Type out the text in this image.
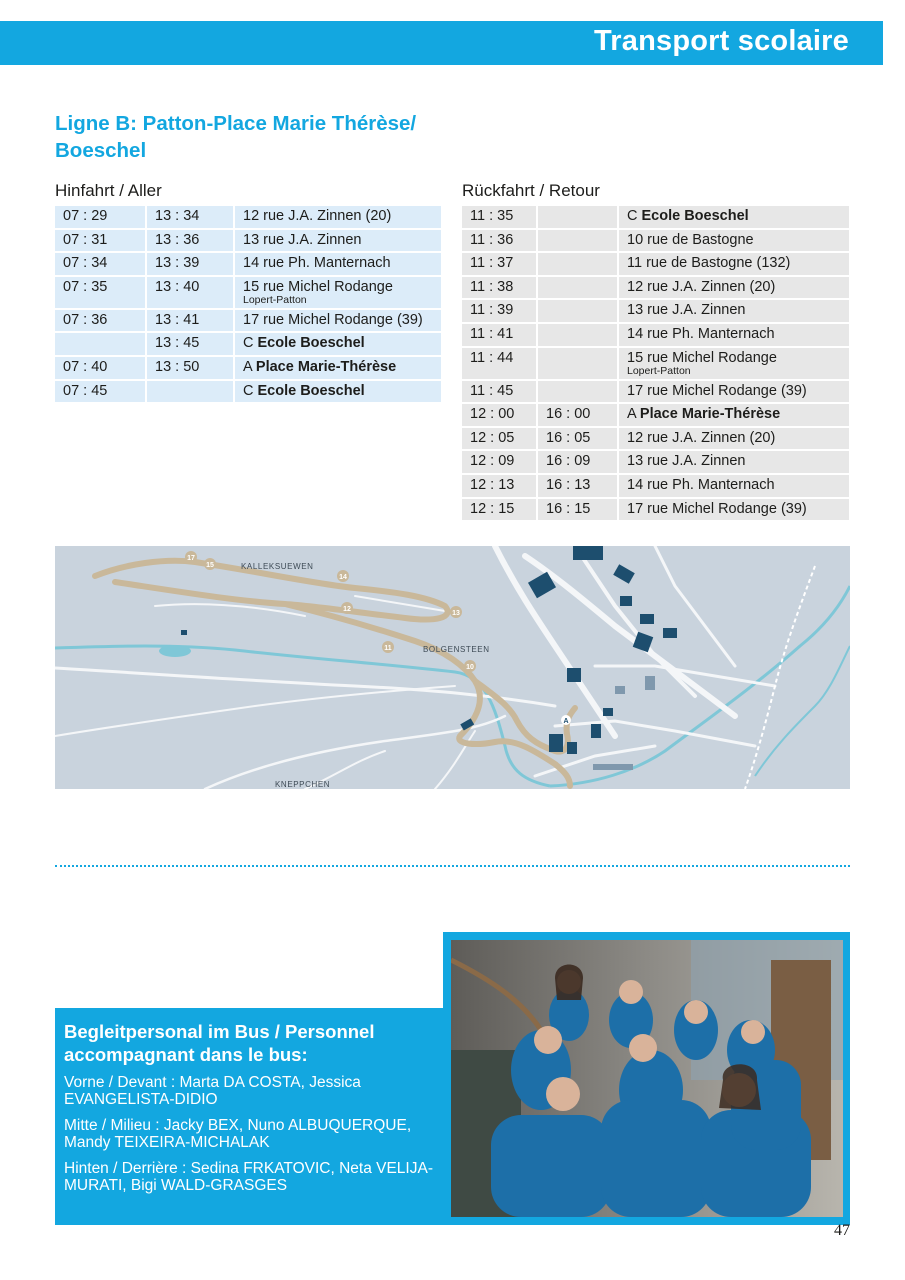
Transport scolaire
Ligne B: Patton-Place Marie Thérèse/ Boeschel
Hinfahrt / Aller	Rückfahrt / Retour
07 : 29	13 : 34	12 rue J.A. Zinnen (20)
07 : 31	13 : 36	13 rue J.A. Zinnen
07 : 34	13 : 39	14 rue Ph. Manternach
07 : 35	13 : 40	15 rue Michel Rodange
Lopert-Patton

07 : 36	13 : 41	17 rue Michel Rodange (39)
	13 : 45	C Ecole Boeschel
07 : 40	13 : 50	A Place Marie-Thérèse
07 : 45		C Ecole Boeschel
11 : 35		C Ecole Boeschel
11 : 36		10 rue de Bastogne
11 : 37		11 rue de Bastogne (132)
11 : 38		12 rue J.A. Zinnen (20)
11 : 39		13 rue J.A. Zinnen
11 : 41		14 rue Ph. Manternach
11 : 44		15 rue Michel Rodange
Lopert-Patton

11 : 45		17 rue Michel Rodange (39)
12 : 00	16 : 00	A Place Marie-Thérèse
12 : 05	16 : 05	12 rue J.A. Zinnen (20)
12 : 09	16 : 09	13 rue J.A. Zinnen
12 : 13	16 : 13	14 rue Ph. Manternach
12 : 15	16 : 15	17 rue Michel Rodange (39)
KALLEKSUEWEN
BOLGENSTEEN
KNEPPCHEN
17
15
14
12
13
11
10
A
Begleitpersonal im Bus / Personnel accompagnant dans le bus:
Vorne / Devant : Marta DA COSTA, Jessica EVANGELISTA-DIDIO
Mitte / Milieu : Jacky BEX, Nuno ALBUQUERQUE, Mandy TEIXEIRA-MICHALAK
Hinten / Derrière : Sedina FRKATOVIC, Neta VELIJA-MURATI, Bigi WALD-GRASGES
47
